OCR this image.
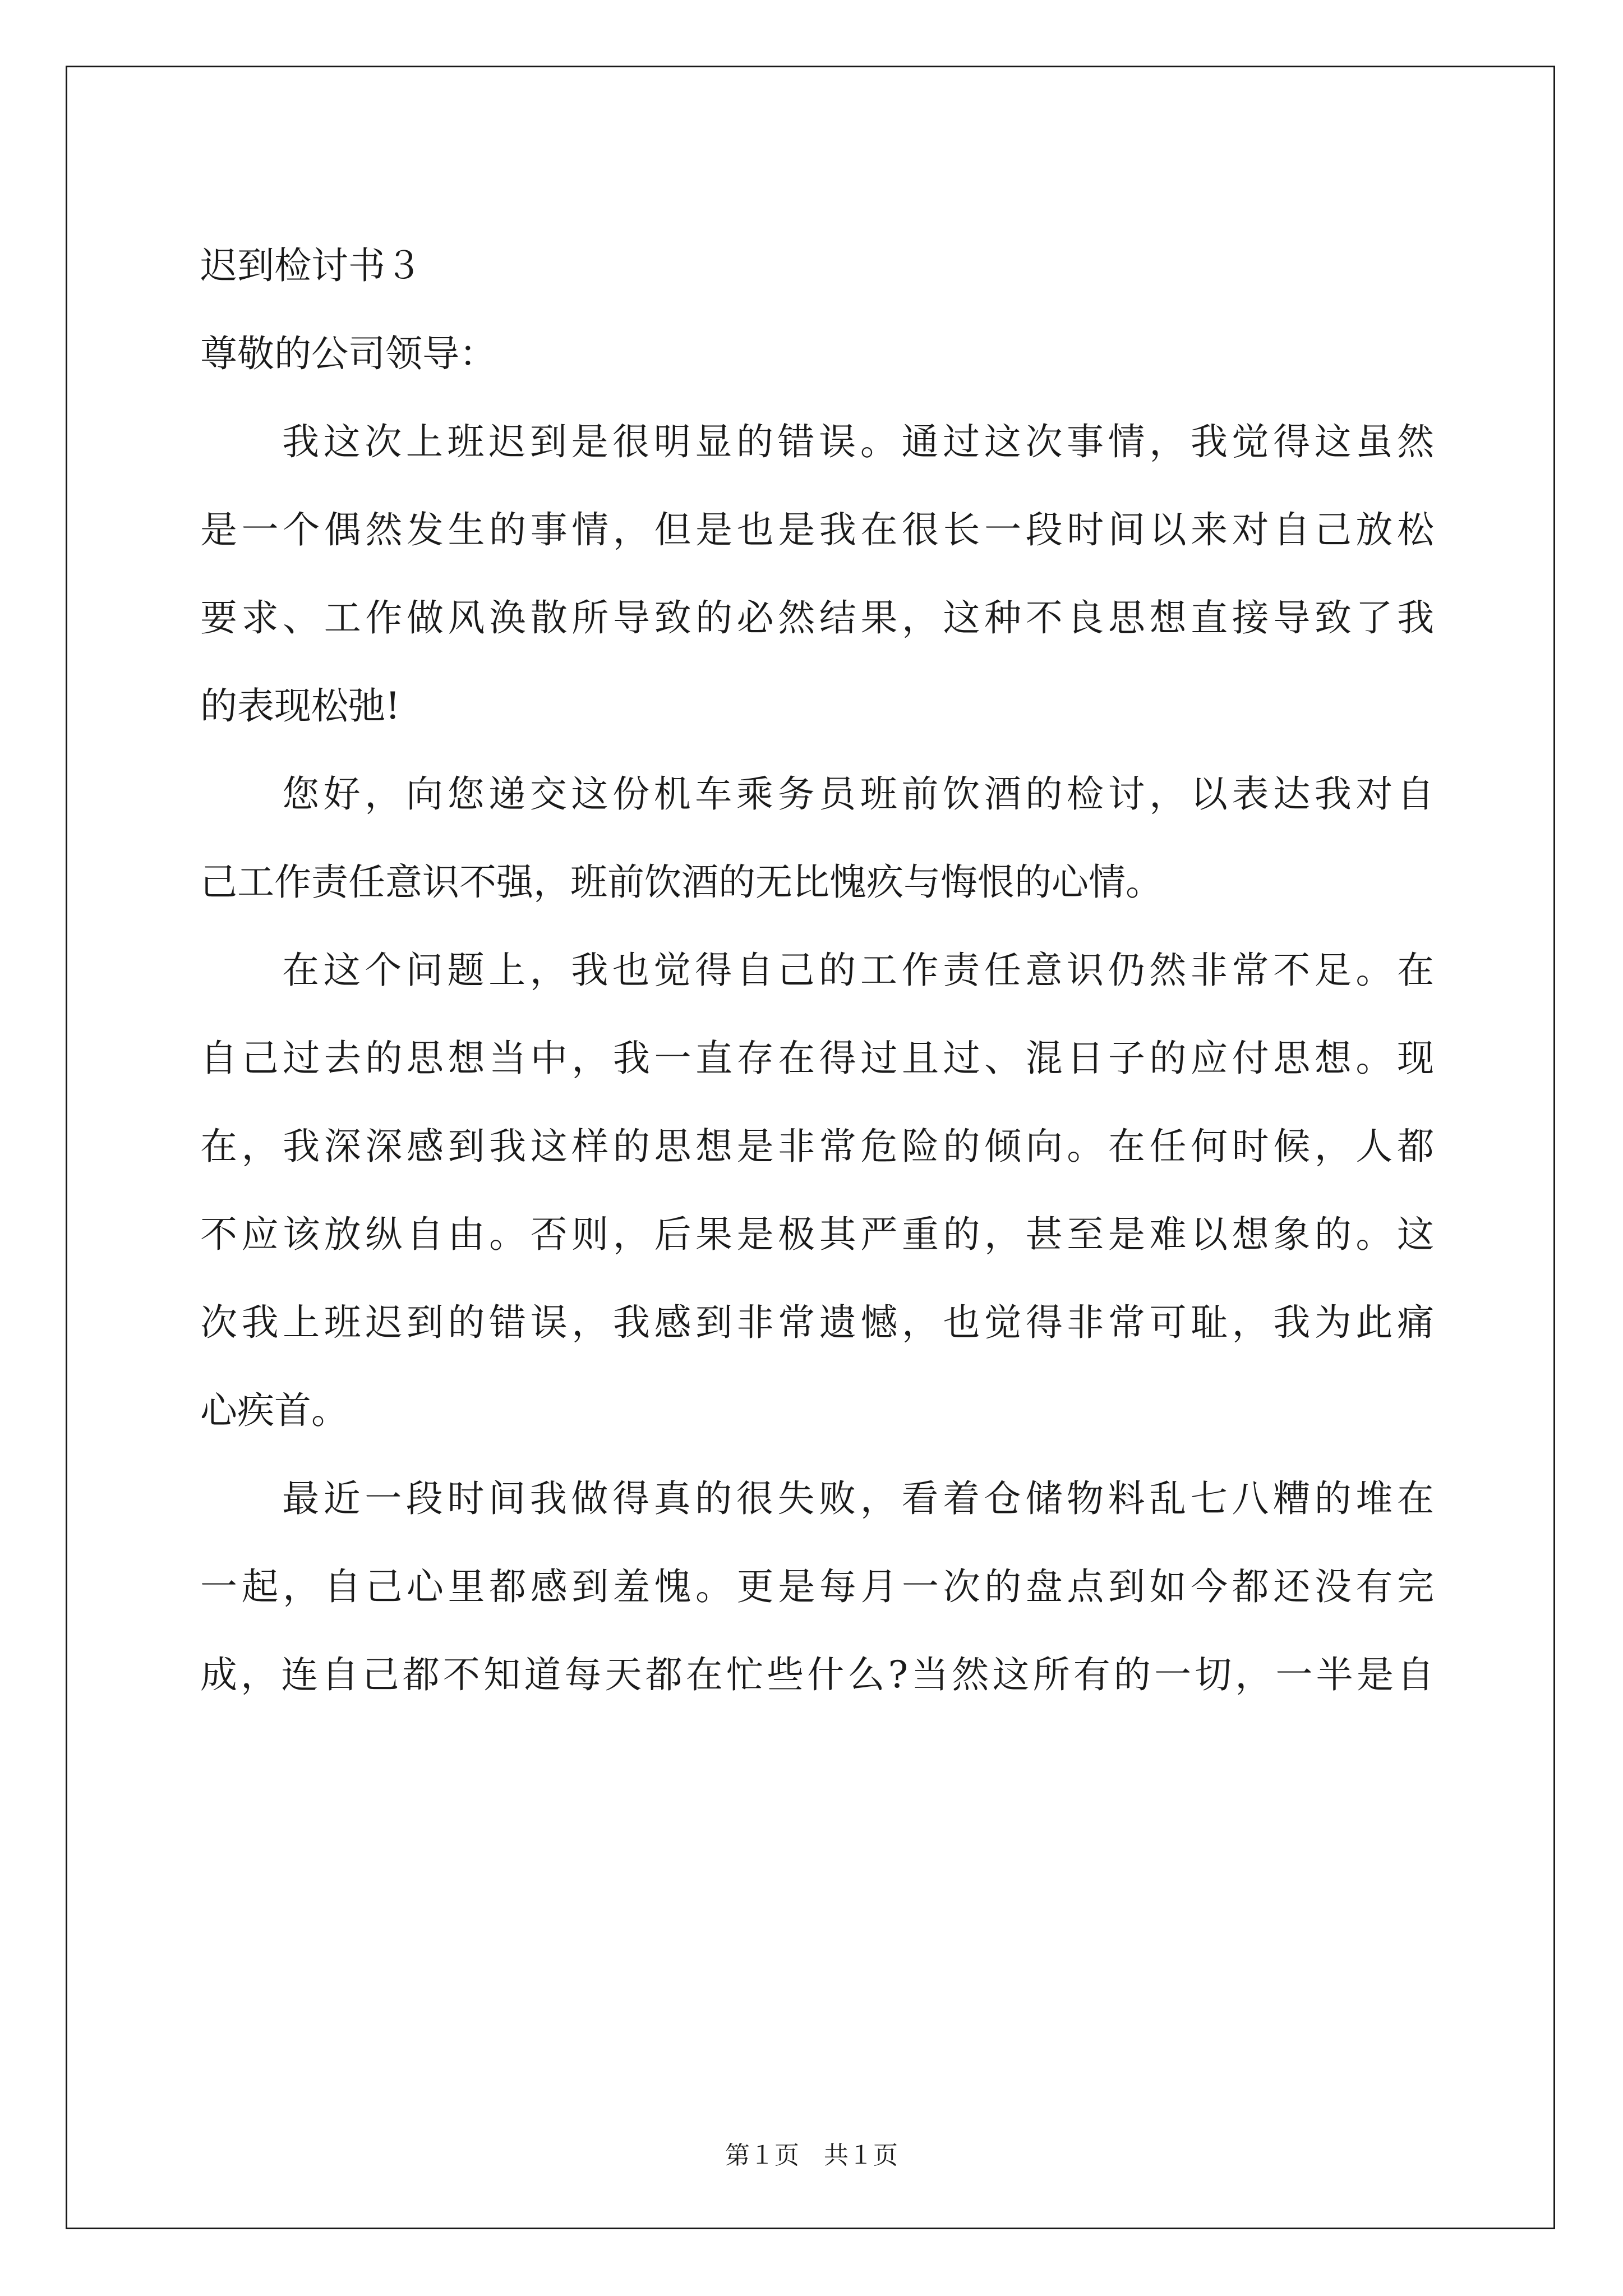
迟到检讨书３
尊敬的公司领导：
我这次上班迟到是很明显的错误。通过这次事情，我觉得这虽然
是一个偶然发生的事情，但是也是我在很长一段时间以来对自己放松
要求、工作做风涣散所导致的必然结果，这种不良思想直接导致了我
的表现松弛!
您好，向您递交这份机车乘务员班前饮酒的检讨，以表达我对自
己工作责任意识不强，班前饮酒的无比愧疚与悔恨的心情。
在这个问题上，我也觉得自己的工作责任意识仍然非常不足。在
自己过去的思想当中，我一直存在得过且过、混日子的应付思想。现
在，我深深感到我这样的思想是非常危险的倾向。在任何时候，人都
不应该放纵自由。否则，后果是极其严重的，甚至是难以想象的。这
次我上班迟到的错误，我感到非常遗憾，也觉得非常可耻，我为此痛
心疾首。
最近一段时间我做得真的很失败，看着仓储物料乱七八糟的堆在
一起，自己心里都感到羞愧。更是每月一次的盘点到如今都还没有完
成，连自己都不知道每天都在忙些什么?当然这所有的一切，一半是自
第１页　共１页
